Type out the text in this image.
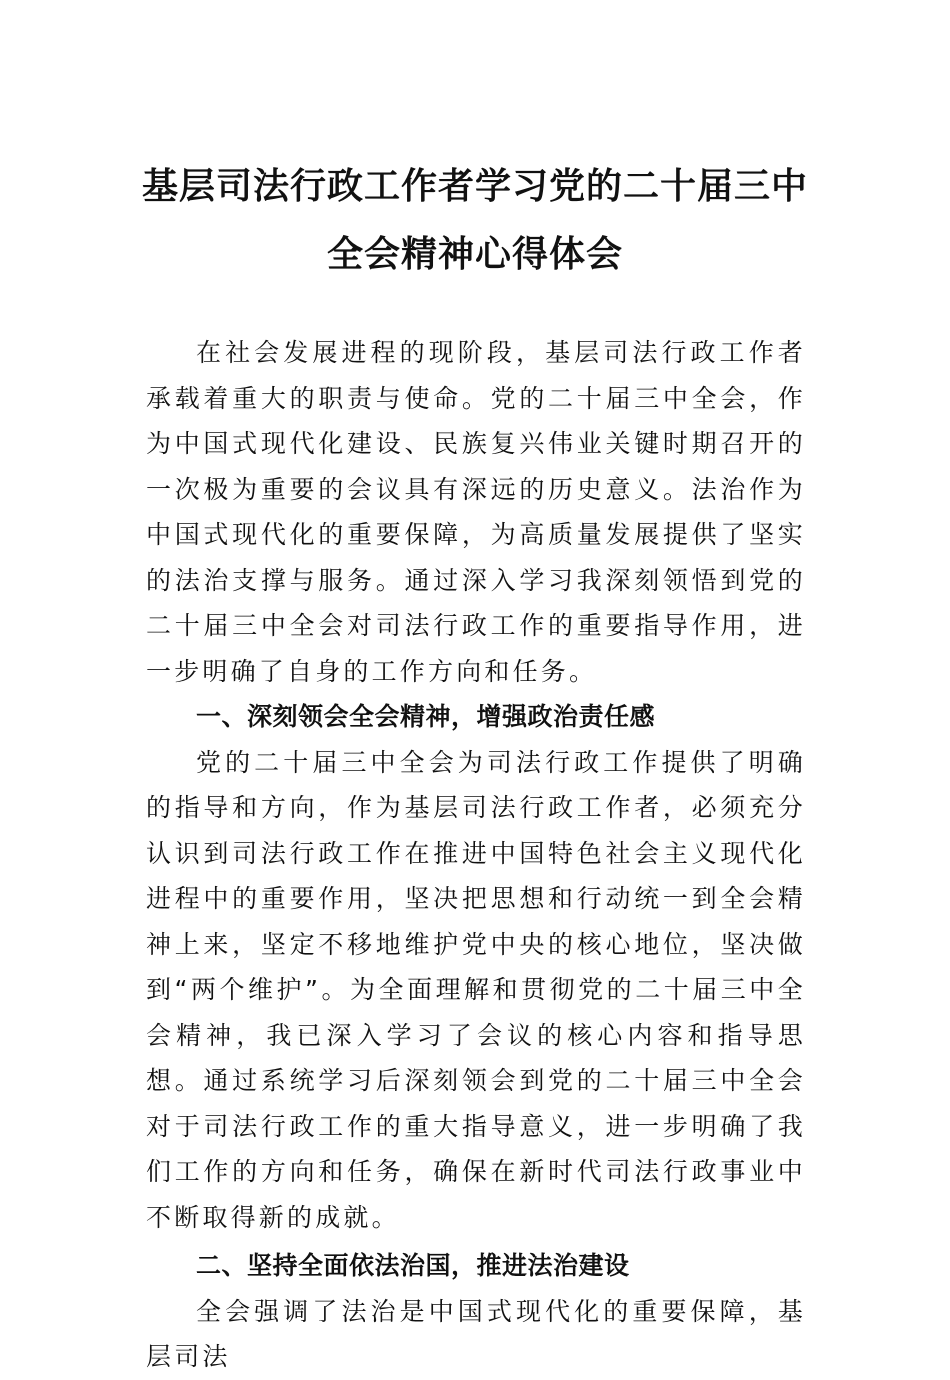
基层司法行政工作者学习党的二十届三中
全会精神心得体会

在社会发展进程的现阶段，基层司法行政工作者承载着重大的职责与使命。党的二十届三中全会，作为中国式现代化建设、民族复兴伟业关键时期召开的一次极为重要的会议具有深远的历史意义。法治作为中国式现代化的重要保障，为高质量发展提供了坚实的法治支撑与服务。通过深入学习我深刻领悟到党的二十届三中全会对司法行政工作的重要指导作用，进一步明确了自身的工作方向和任务。

一、深刻领会全会精神，增强政治责任感

党的二十届三中全会为司法行政工作提供了明确的指导和方向，作为基层司法行政工作者，必须充分认识到司法行政工作在推进中国特色社会主义现代化进程中的重要作用，坚决把思想和行动统一到全会精神上来，坚定不移地维护党中央的核心地位，坚决做到“两个维护”。为全面理解和贯彻党的二十届三中全会精神，我已深入学习了会议的核心内容和指导思想。通过系统学习后深刻领会到党的二十届三中全会对于司法行政工作的重大指导意义，进一步明确了我们工作的方向和任务，确保在新时代司法行政事业中不断取得新的成就。

二、坚持全面依法治国，推进法治建设

全会强调了法治是中国式现代化的重要保障，基层司法
